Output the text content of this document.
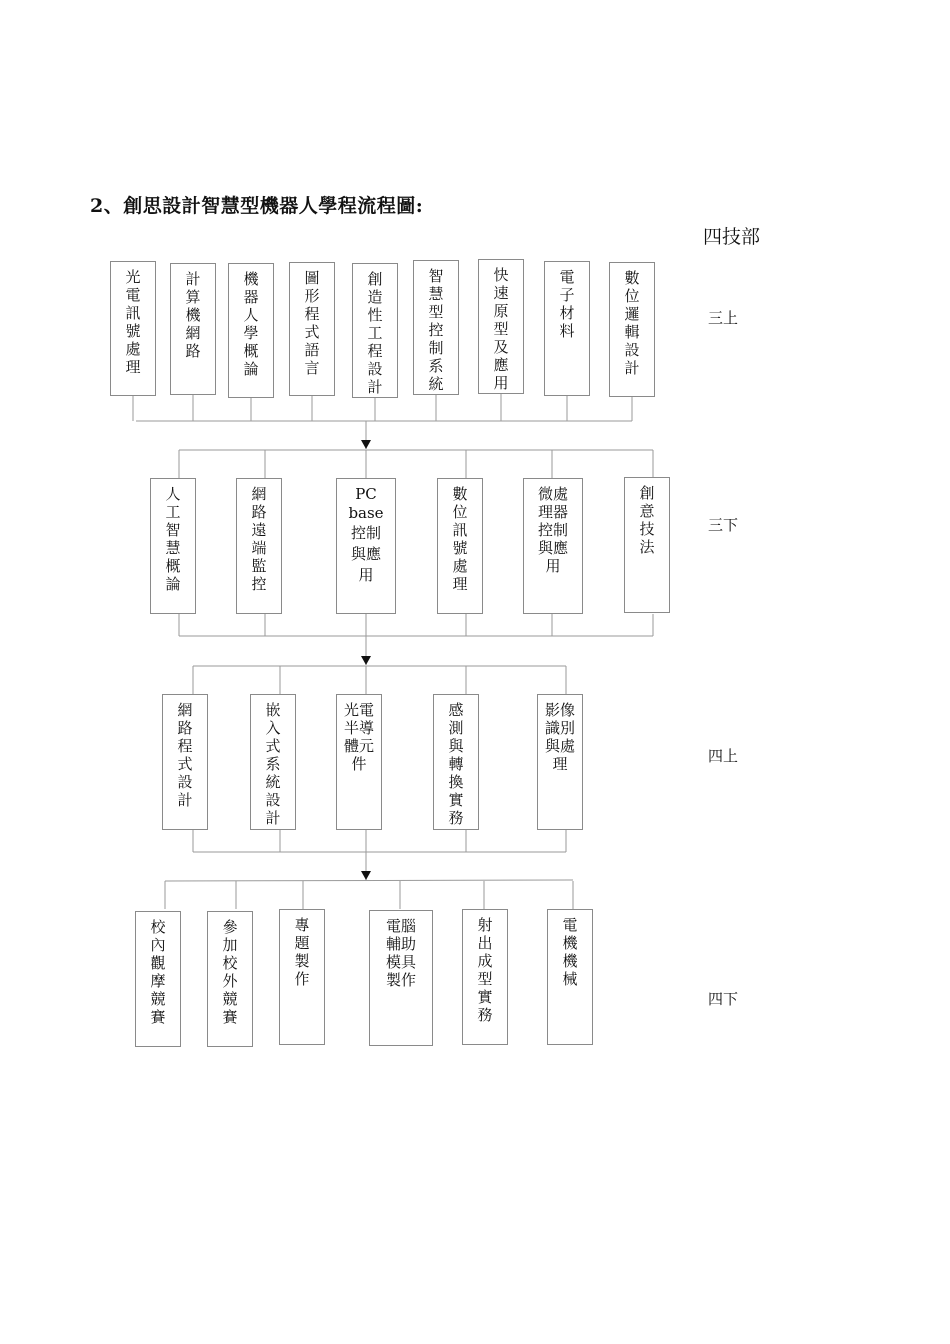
2、創思設計智慧型機器人學程流程圖:
四技部
三上
三下
四上
四下
光
電
訊
號
處
理
計
算
機
網
路
機
器
人
學
概
論
圖
形
程
式
語
言
創
造
性
工
程
設
計
智
慧
型
控
制
系
統
快
速
原
型
及
應
用
電
子
材
料
數
位
邏
輯
設
計
人
工
智
慧
概
論
網
路
遠
端
監
控
PC
base
控制
與應
用
數
位
訊
號
處
理
微處
理器
控制
與應
用
創
意
技
法
網
路
程
式
設
計
嵌
入
式
系
統
設
計
光電
半導
體元
件
感
測
與
轉
換
實
務
影像
識別
與處
理
校
內
觀
摩
競
賽
參
加
校
外
競
賽
專
題
製
作
電腦
輔助
模具
製作
射
出
成
型
實
務
電
機
機
械
